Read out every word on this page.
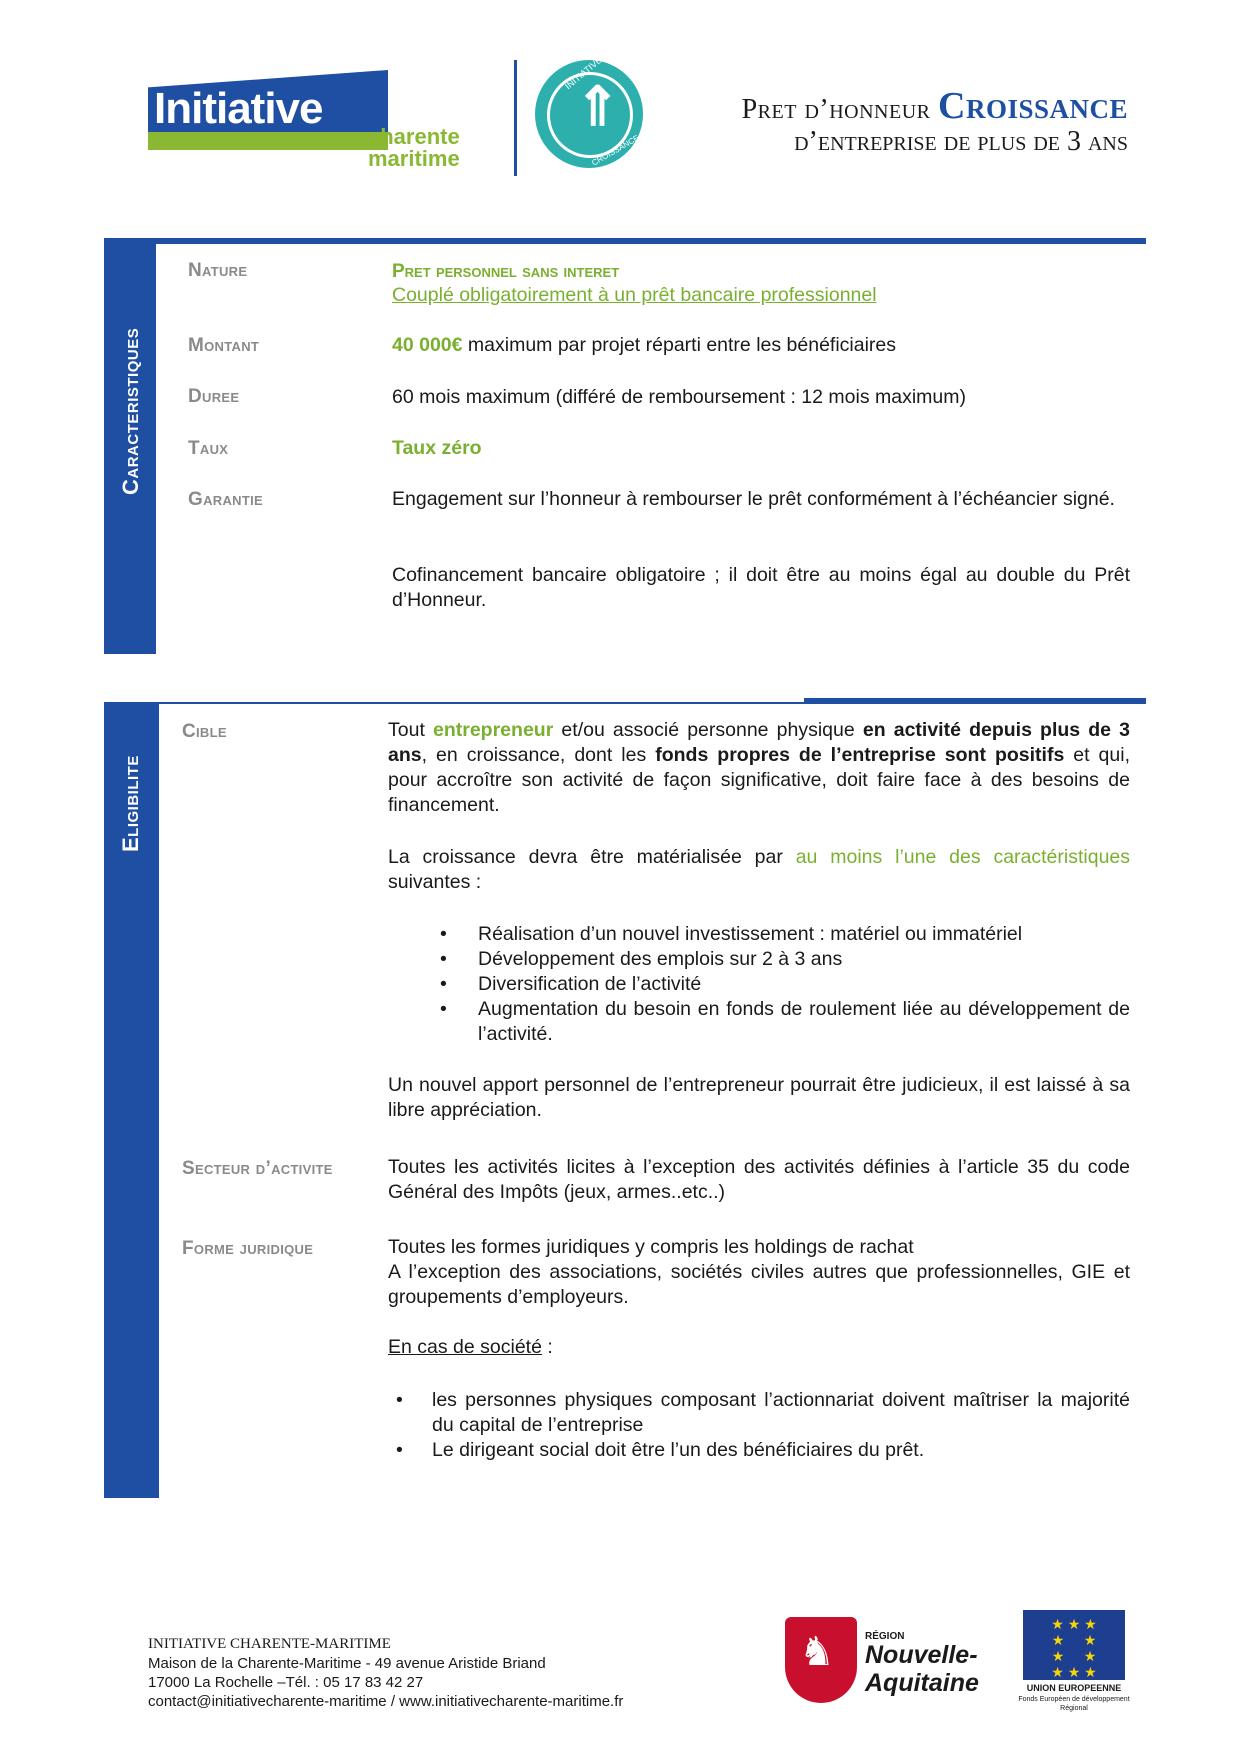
Initiative
charente
maritime
⇑
INITIATIVE
CROISSANCE
Pret d’honneur Croissance
d’entreprise de plus de 3 ans
Caracteristiques
Nature	Pret personnel sans interet
Couplé obligatoirement à un prêt bancaire professionnel
Montant	40 000€ maximum par projet réparti entre les bénéficiaires
Duree	60 mois maximum (différé de remboursement : 12 mois maximum)
Taux	Taux zéro
Garantie	Engagement sur l’honneur à rembourser le prêt conformément à l’échéancier signé.
Cofinancement bancaire obligatoire ; il doit être au moins égal au double du Prêt d’Honneur.
Eligibilite
Cible	Tout entrepreneur et/ou associé personne physique en activité depuis plus de 3 ans, en croissance, dont les fonds propres de l’entreprise sont positifs et qui, pour accroître son activité de façon significative, doit faire face à des besoins de financement.
La croissance devra être matérialisée par au moins l’une des caractéristiques suivantes :
• Réalisation d’un nouvel investissement : matériel ou immatériel
• Développement des emplois sur 2 à 3 ans
• Diversification de l’activité
• Augmentation du besoin en fonds de roulement liée au développement de l’activité.
Un nouvel apport personnel de l’entrepreneur pourrait être judicieux, il est laissé à sa libre appréciation.
Secteur d’activite	Toutes les activités licites à l’exception des activités définies à l’article 35 du code Général des Impôts (jeux, armes..etc..)
Forme juridique	Toutes les formes juridiques y compris les holdings de rachat
A l’exception des associations, sociétés civiles autres que professionnelles, GIE et groupements d’employeurs.
En cas de société :
• les personnes physiques composant l’actionnariat doivent maîtriser la majorité du capital de l’entreprise
• Le dirigeant social doit être l’un des bénéficiaires du prêt.
INITIATIVE CHARENTE-MARITIME
Maison de la Charente-Maritime - 49 avenue Aristide Briand
17000 La Rochelle –Tél. : 05 17 83 42 27
contact@initiativecharente-maritime / www.initiativecharente-maritime.fr
♞	RÉGION
Nouvelle-
Aquitaine
★ ★ ★
★     ★
★     ★
★ ★ ★
UNION EUROPEENNE
Fonds Européen de développement Régional
